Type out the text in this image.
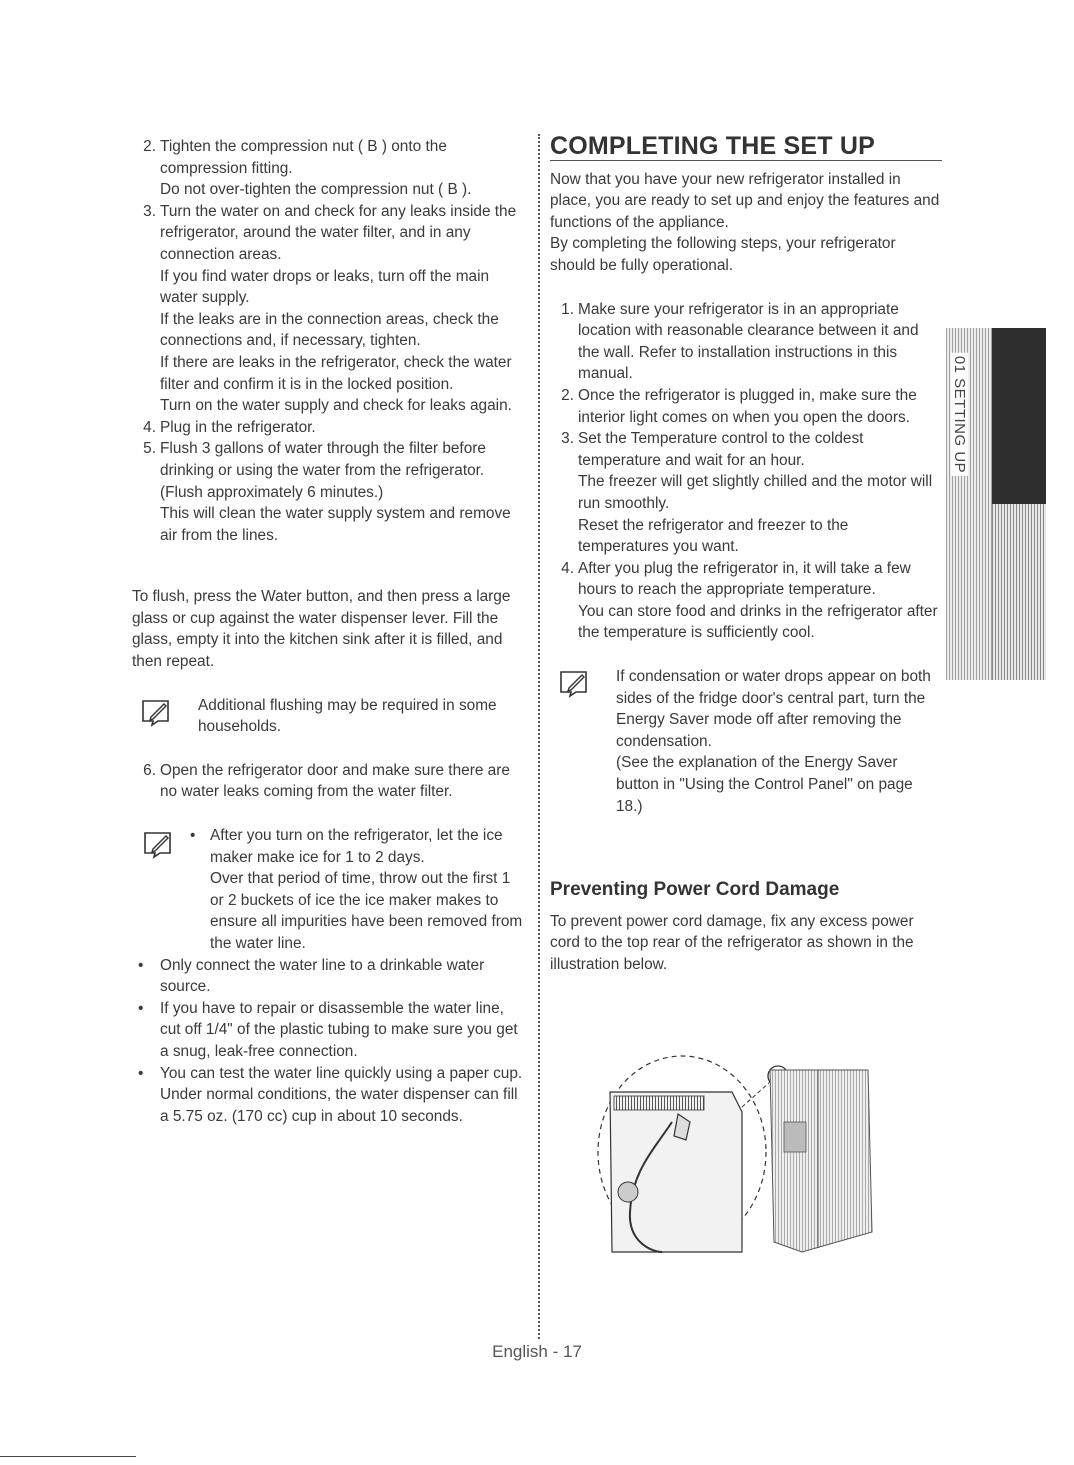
2. Tighten the compression nut ( B ) onto the compression fitting.
Do not over-tighten the compression nut ( B ).
3. Turn the water on and check for any leaks inside the refrigerator, around the water filter, and in any connection areas.
If you find water drops or leaks, turn off the main water supply.
If the leaks are in the connection areas, check the connections and, if necessary, tighten.
If there are leaks in the refrigerator, check the water filter and confirm it is in the locked position.
Turn on the water supply and check for leaks again.
4. Plug in the refrigerator.
5. Flush 3 gallons of water through the filter before drinking or using the water from the refrigerator. (Flush approximately 6 minutes.)
This will clean the water supply system and remove air from the lines.

To flush, press the Water button, and then press a large glass or cup against the water dispenser lever. Fill the glass, empty it into the kitchen sink after it is filled, and then repeat.

Additional flushing may be required in some households.
6. Open the refrigerator door and make sure there are no water leaks coming from the water filter.
• After you turn on the refrigerator, let the ice maker make ice for 1 to 2 days.
Over that period of time, throw out the first 1 or 2 buckets of ice the ice maker makes to ensure all impurities have been removed from the water line.
• Only connect the water line to a drinkable water source.
• If you have to repair or disassemble the water line, cut off 1/4" of the plastic tubing to make sure you get a snug, leak-free connection.
• You can test the water line quickly using a paper cup.
Under normal conditions, the water dispenser can fill a 5.75 oz. (170 cc) cup in about 10 seconds.
COMPLETING THE SET UP
Now that you have your new refrigerator installed in place, you are ready to set up and enjoy the features and functions of the appliance.
By completing the following steps, your refrigerator should be fully operational.
1. Make sure your refrigerator is in an appropriate location with reasonable clearance between it and the wall. Refer to installation instructions in this manual.
2. Once the refrigerator is plugged in, make sure the interior light comes on when you open the doors.
3. Set the Temperature control to the coldest temperature and wait for an hour.
The freezer will get slightly chilled and the motor will run smoothly.
Reset the refrigerator and freezer to the temperatures you want.
4. After you plug the refrigerator in, it will take a few hours to reach the appropriate temperature.
You can store food and drinks in the refrigerator after the temperature is sufficiently cool.
If condensation or water drops appear on both sides of the fridge door's central part, turn the Energy Saver mode off after removing the condensation.
(See the explanation of the Energy Saver button in "Using the Control Panel" on page 18.)
Preventing Power Cord Damage

To prevent power cord damage, fix any excess power cord to the top rear of the refrigerator as shown in the illustration below.

01 SETTING UP
English - 17
